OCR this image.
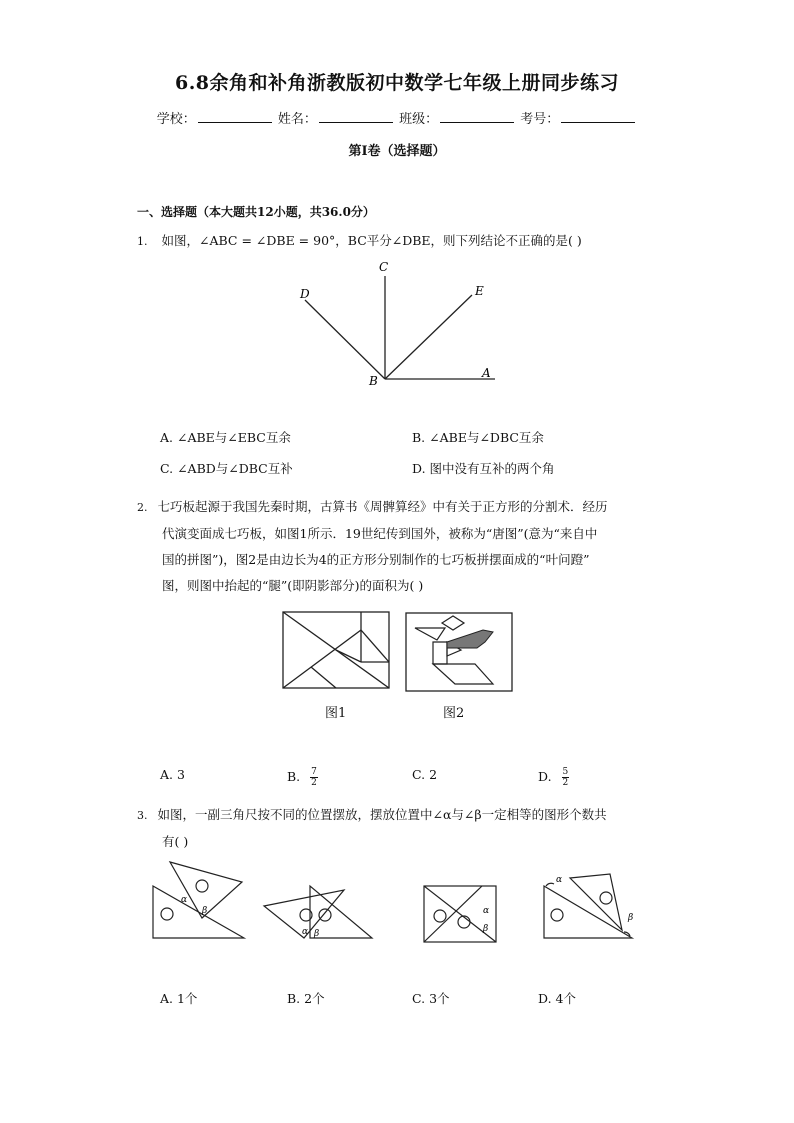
6.8余角和补角浙教版初中数学七年级上册同步练习
学校：	姓名：	班级：	考号：
第I卷（选择题）
一、选择题（本大题共12小题，共36.0分）
1. 如图，∠ABC = ∠DBE = 90°，BC平分∠DBE，则下列结论不正确的是( )
C
D	E
B
A
A. ∠ABE与∠EBC互余	B. ∠ABE与∠DBC互余
C. ∠ABD与∠DBC互补	D. 图中没有互补的两个角
2. 七巧板起源于我国先秦时期，古算书《周髀算经》中有关于正方形的分割术．经历
代演变面成七巧板，如图1所示．19世纪传到国外，被称为“唐图”(意为“来自中
国的拼图”)，图2是由边长为4的正方形分别制作的七巧板拼摆面成的“叶问蹬”
图，则图中抬起的“腿”(即阴影部分)的面积为( )
图1	图2
A. 3	B. $\frac{7}{2}$	C. 2	D. $\frac{5}{2}$
3. 如图，一副三角尺按不同的位置摆放，摆放位置中∠α与∠β一定相等的图形个数共
有( )
α
β
α β
α
β
α
β
A. 1个	B. 2个	C. 3个	D. 4个
